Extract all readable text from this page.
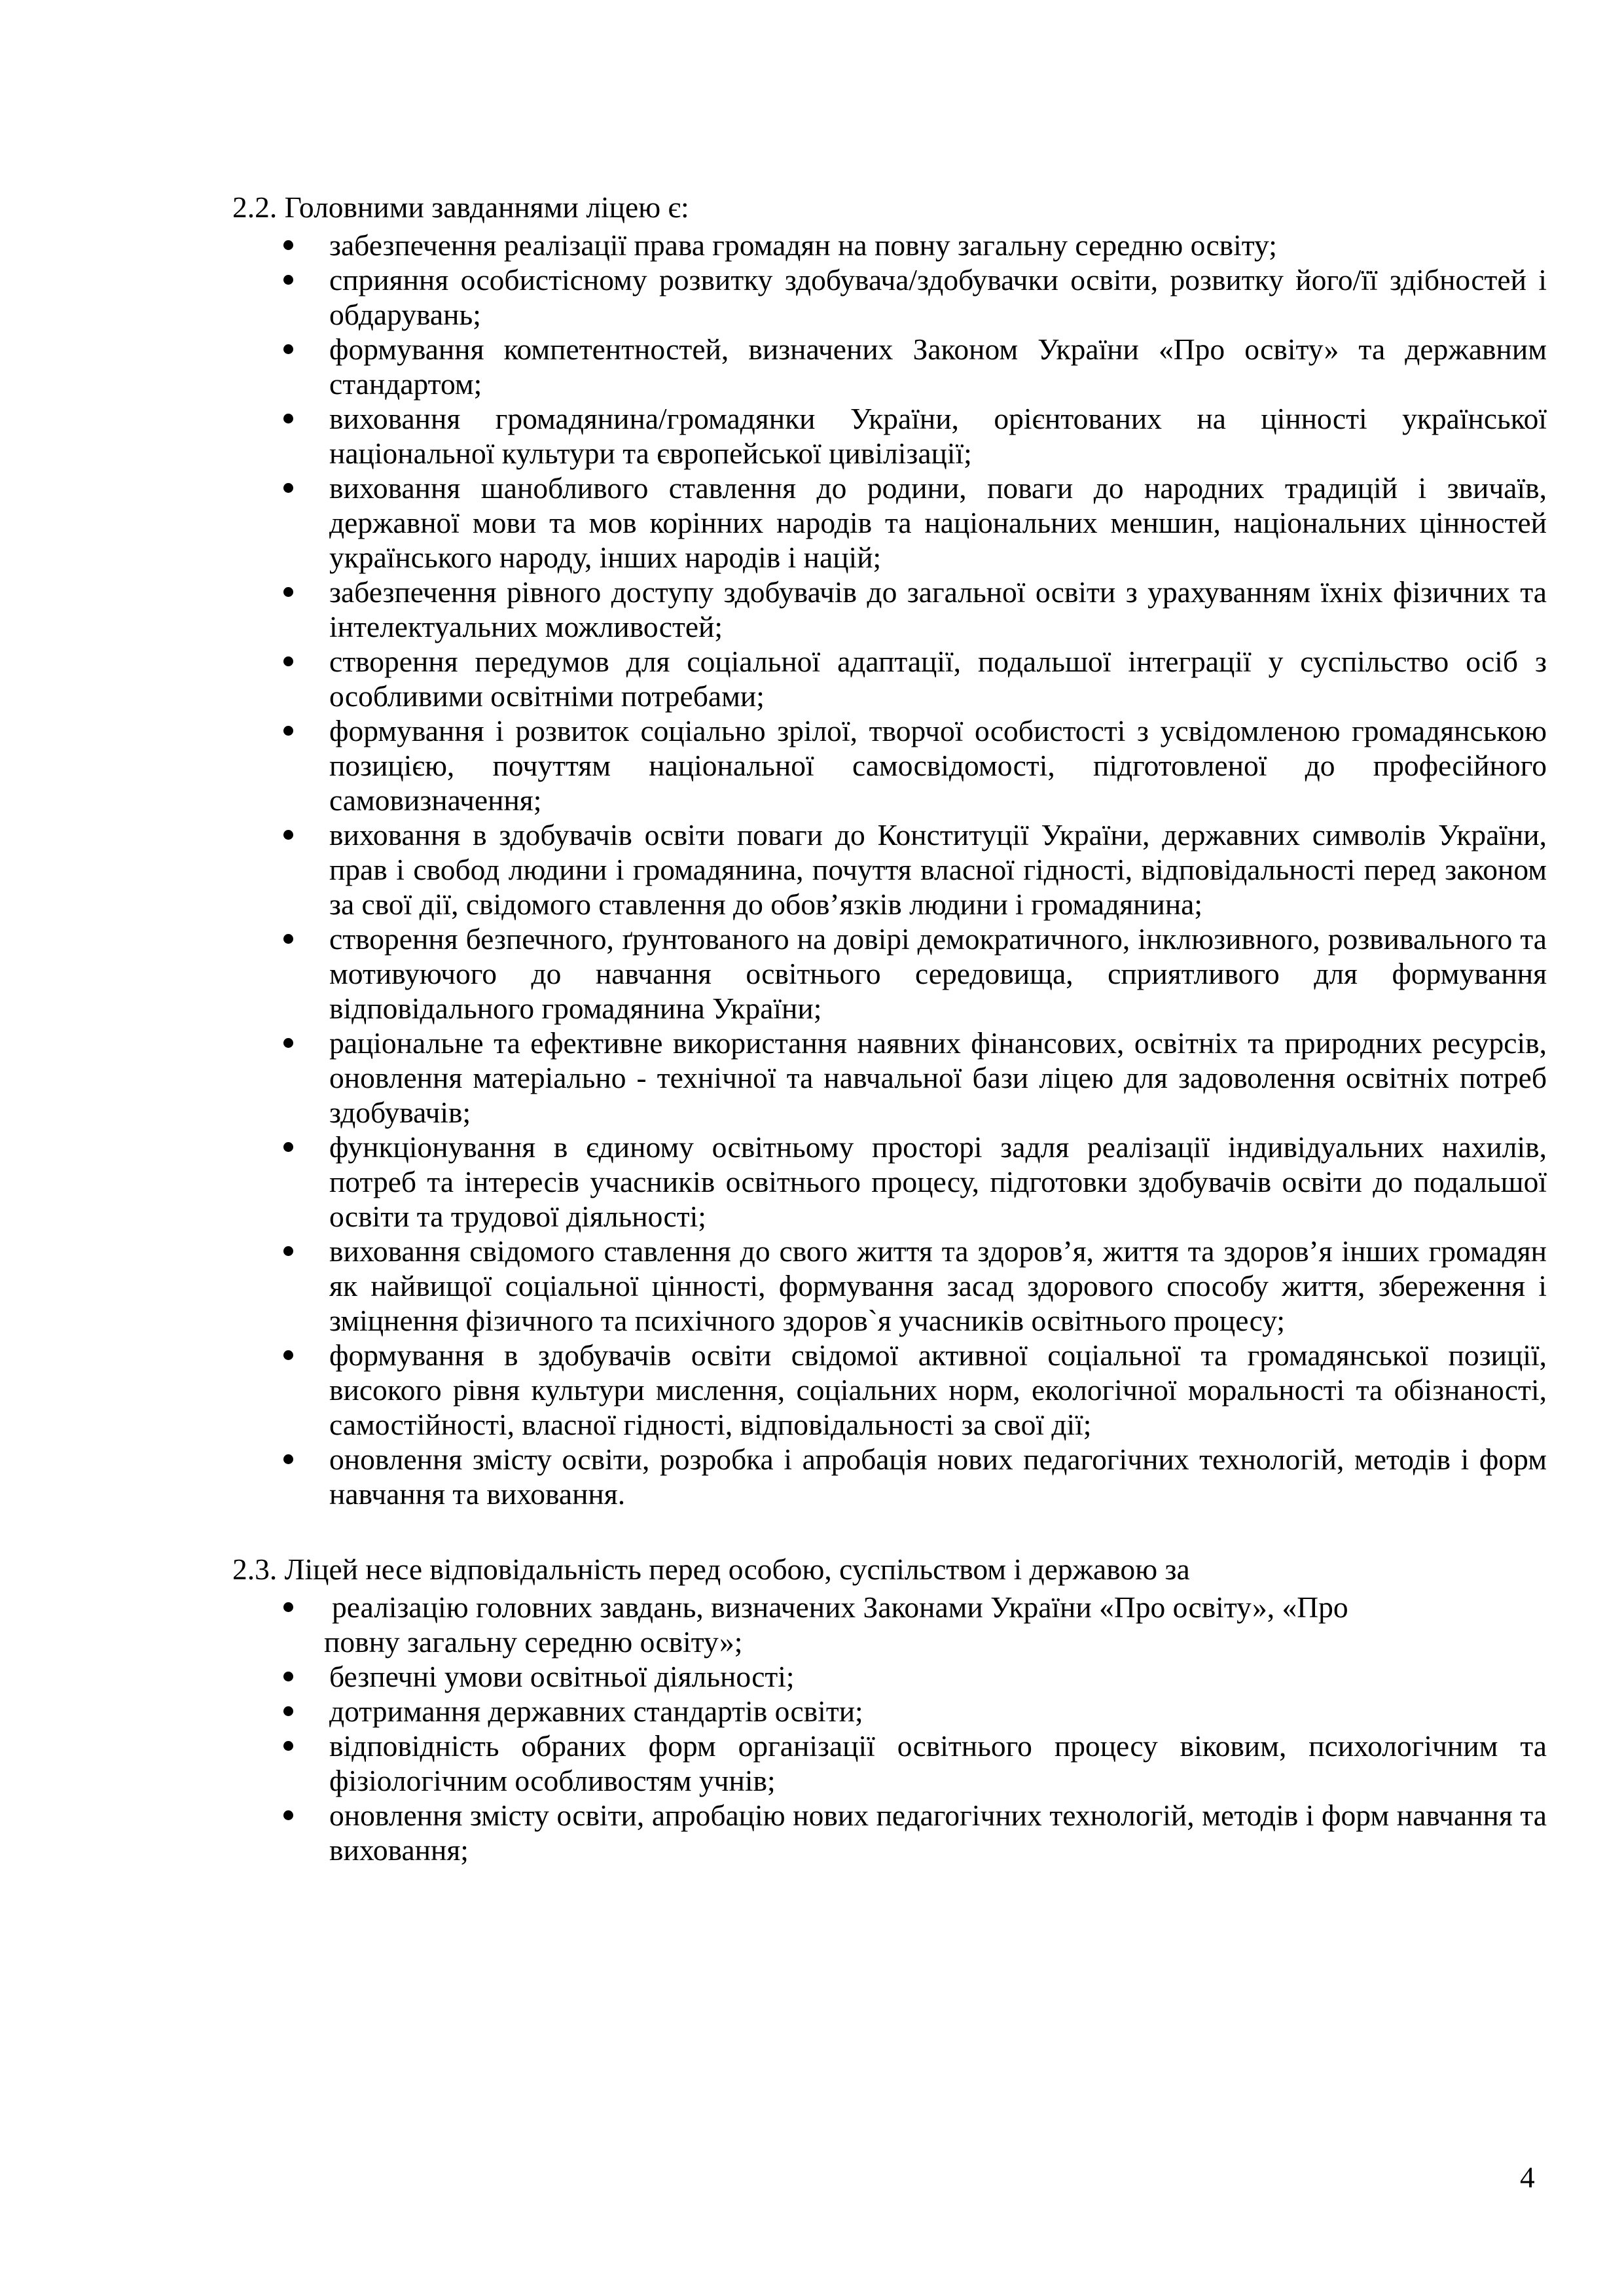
2.2. Головними завданнями ліцею є:

забезпечення реалізації права громадян на повну загальну середню освіту;
сприяння особистісному розвитку здобувача/здобувачки освіти, розвитку його/її здібностей і обдарувань;
формування компетентностей, визначених Законом України «Про освіту» та державним стандартом;
виховання громадянина/громадянки України, орієнтованих на цінності української національної культури та європейської цивілізації;
виховання шанобливого ставлення до родини, поваги до народних традицій і звичаїв, державної мови та мов корінних народів та національних меншин, національних цінностей українського народу, інших народів і націй;
забезпечення рівного доступу здобувачів до загальної освіти з урахуванням їхніх фізичних та інтелектуальних можливостей;
створення передумов для соціальної адаптації, подальшої інтеграції у суспільство осіб з особливими освітніми потребами;
формування і розвиток соціально зрілої, творчої особистості з усвідомленою громадянською позицією, почуттям національної самосвідомості, підготовленої до професійного самовизначення;
виховання в здобувачів освіти поваги до Конституції України, державних символів України, прав і свобод людини і громадянина, почуття власної гідності, відповідальності перед законом за свої дії, свідомого ставлення до обов’язків людини і громадянина;
створення безпечного, ґрунтованого на довірі демократичного, інклюзивного, розвивального та мотивуючого до навчання освітнього середовища, сприятливого для формування відповідального громадянина України;
раціональне та ефективне використання наявних фінансових, освітніх та природних ресурсів, оновлення матеріально - технічної та навчальної бази ліцею для задоволення освітніх потреб здобувачів;
функціонування в єдиному освітньому просторі задля реалізації індивідуальних нахилів, потреб та інтересів учасників освітнього процесу, підготовки здобувачів освіти до подальшої освіти та трудової діяльності;
виховання свідомого ставлення до свого життя та здоров’я, життя та здоров’я інших громадян як найвищої соціальної цінності, формування засад здорового способу життя, збереження і зміцнення фізичного та психічного здоров`я учасників освітнього процесу;
формування в здобувачів освіти свідомої активної соціальної та громадянської позиції, високого рівня культури мислення, соціальних норм, екологічної моральності та обізнаності, самостійності, власної гідності, відповідальності за свої дії;
оновлення змісту освіти, розробка і апробація нових педагогічних технологій, методів і форм навчання та виховання.

2.3. Ліцей несе відповідальність перед особою, суспільством і державою за

реалізацію головних завдань, визначених Законами України «Про освіту», «Про
повну загальну середню освіту»;
безпечні умови освітньої діяльності;
дотримання державних стандартів освіти;
відповідність обраних форм організації освітнього процесу віковим, психологічним та фізіологічним особливостям учнів;
оновлення змісту освіти, апробацію нових педагогічних технологій, методів і форм навчання та виховання;
4
